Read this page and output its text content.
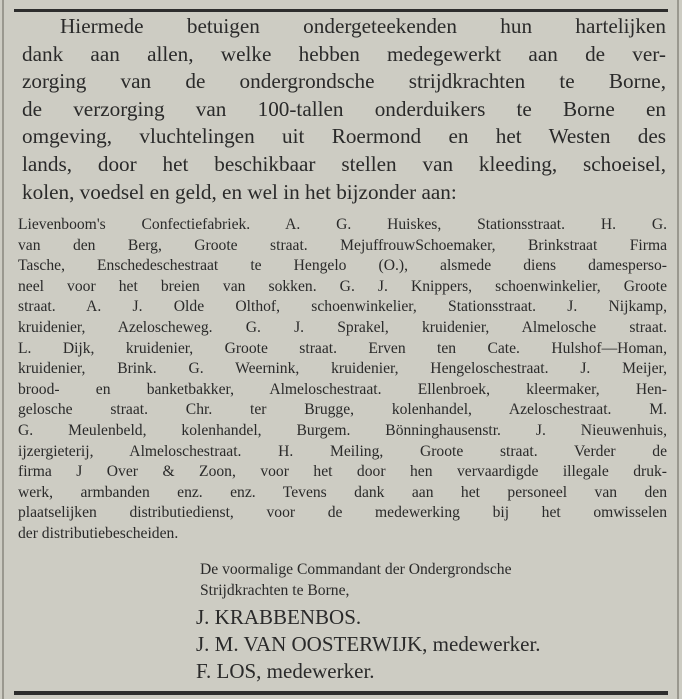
Hiermede betuigen ondergeteekenden hun hartelijken
dank aan allen, welke hebben medegewerkt aan de ver-
zorging van de ondergrondsche strijdkrachten te Borne,
de verzorging van 100-tallen onderduikers te Borne en
omgeving, vluchtelingen uit Roermond en het Westen des
lands, door het beschikbaar stellen van kleeding, schoeisel,
kolen, voedsel en geld, en wel in het bijzonder aan:

Lievenboom's Confectiefabriek. A. G. Huiskes, Stationsstraat. H. G.
van den Berg, Groote straat. MejuffrouwSchoemaker, Brinkstraat Firma
Tasche, Enschedeschestraat te Hengelo (O.), alsmede diens damesperso-
neel voor het breien van sokken. G. J. Knippers, schoenwinkelier, Groote
straat. A. J. Olde Olthof, schoenwinkelier, Stationsstraat. J. Nijkamp,
kruidenier, Azeloscheweg. G. J. Sprakel, kruidenier, Almelosche straat.
L. Dijk, kruidenier, Groote straat. Erven ten Cate. Hulshof—Homan,
kruidenier, Brink. G. Weernink, kruidenier, Hengeloschestraat. J. Meijer,
brood- en banketbakker, Almeloschestraat. Ellenbroek, kleermaker, Hen-
gelosche straat. Chr. ter Brugge, kolenhandel, Azeloschestraat. M.
G. Meulenbeld, kolenhandel, Burgem. Bönninghausenstr. J. Nieuwenhuis,
ijzergieterij, Almeloschestraat. H. Meiling, Groote straat. Verder de
firma J Over & Zoon, voor het door hen vervaardigde illegale druk-
werk, armbanden enz. enz. Tevens dank aan het personeel van den
plaatselijken distributiedienst, voor de medewerking bij het omwisselen
der distributiebescheiden.

De voormalige Commandant der Ondergrondsche
Strijdkrachten te Borne,

J. KRABBENBOS.
J. M. VAN OOSTERWIJK, medewerker.
F. LOS, medewerker.
